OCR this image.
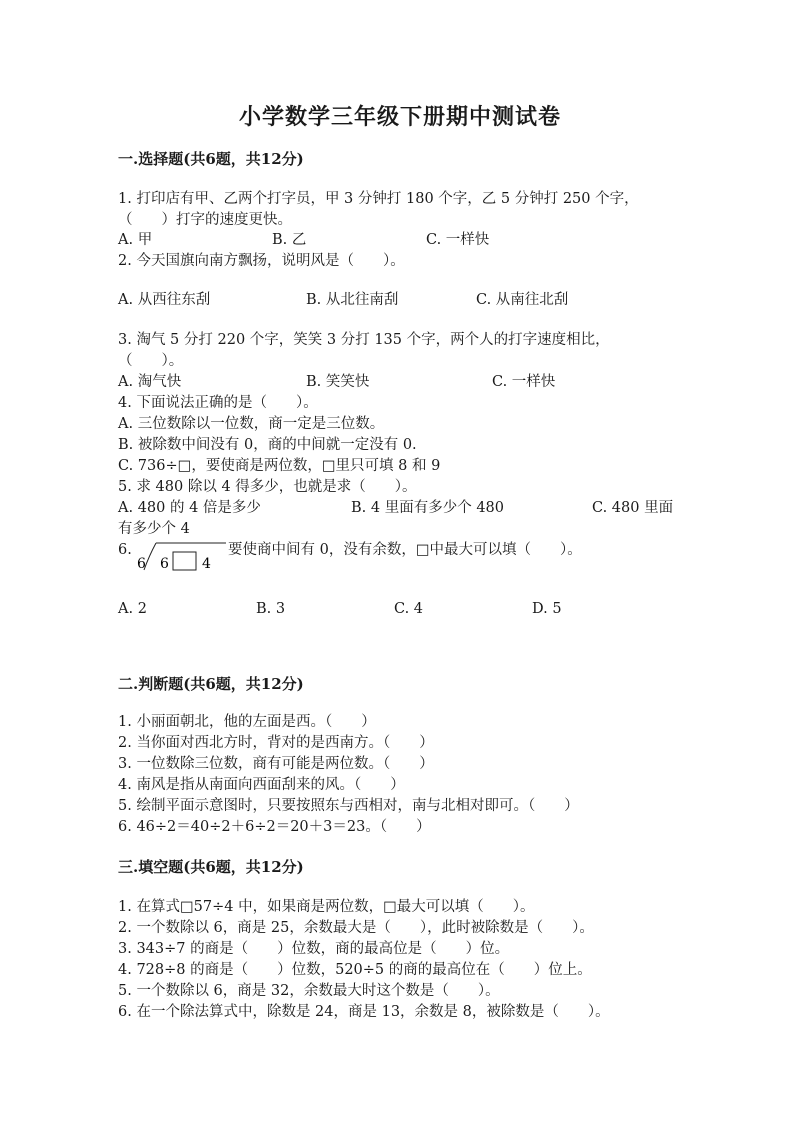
小学数学三年级下册期中测试卷
一.选择题(共6题，共12分)
1. 打印店有甲、乙两个打字员，甲 3 分钟打 180 个字，乙 5 分钟打 250 个字，
（　　）打字的速度更快。
A. 甲	B. 乙	C. 一样快
2. 今天国旗向南方飘扬，说明风是（　　）。
A. 从西往东刮	B. 从北往南刮	C. 从南往北刮
3. 淘气 5 分打 220 个字，笑笑 3 分打 135 个字，两个人的打字速度相比，
（　　）。
A. 淘气快	B. 笑笑快	C. 一样快
4. 下面说法正确的是（　　）。
A. 三位数除以一位数，商一定是三位数。
B. 被除数中间没有 0，商的中间就一定没有 0.
C. 736÷□，要使商是两位数，□里只可填 8 和 9
5. 求 480 除以 4 得多少，也就是求（　　）。
A. 480 的 4 倍是多少	B. 4 里面有多少个 480	C. 480 里面
有多少个 4
6.
6 6 4
要使商中间有 0，没有余数，□中最大可以填（　　）。
A. 2	B. 3	C. 4	D. 5
二.判断题(共6题，共12分)
1. 小丽面朝北，他的左面是西。（　　）
2. 当你面对西北方时，背对的是西南方。（　　）
3. 一位数除三位数，商有可能是两位数。（　　）
4. 南风是指从南面向西面刮来的风。（　　）
5. 绘制平面示意图时，只要按照东与西相对，南与北相对即可。（　　）
6. 46÷2＝40÷2＋6÷2＝20＋3＝23。（　　）
三.填空题(共6题，共12分)
1. 在算式□57÷4 中，如果商是两位数，□最大可以填（　　）。
2. 一个数除以 6，商是 25，余数最大是（　　），此时被除数是（　　）。
3. 343÷7 的商是（　　）位数，商的最高位是（　　）位。
4. 728÷8 的商是（　　）位数，520÷5 的商的最高位在（　　）位上。
5. 一个数除以 6，商是 32，余数最大时这个数是（　　）。
6. 在一个除法算式中，除数是 24，商是 13，余数是 8，被除数是（　　）。
